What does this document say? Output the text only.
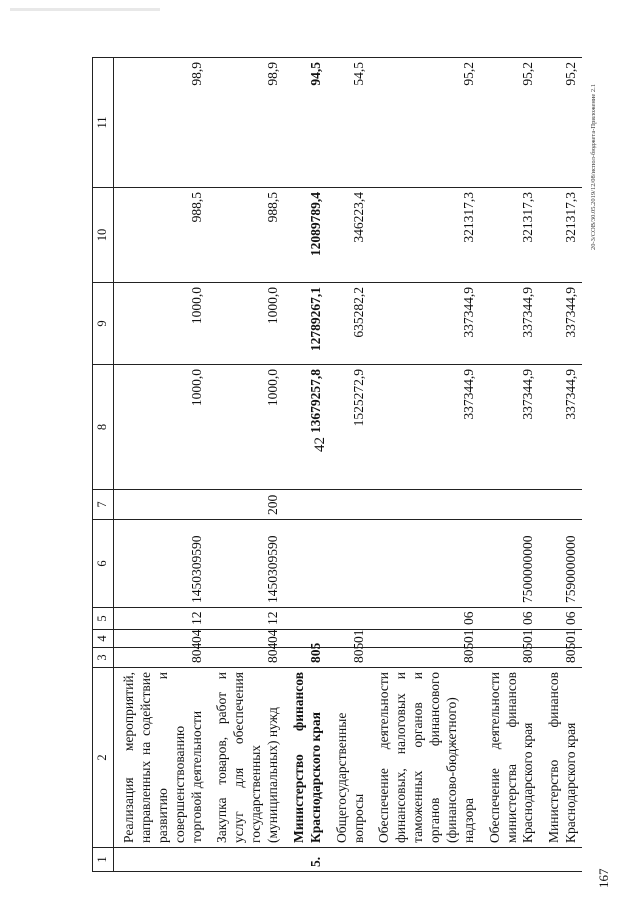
42
1	2	3	4	5	6	7	8	9	10	11
	Реализация мероприятий, направленных на содействие развитию и совершенствованию торговой деятельности	804	04	12	1450309590		1000,0	1000,0	988,5	98,9
	Закупка товаров, работ и услуг для обеспечения государственных (муниципальных) нужд	804	04	12	1450309590	200	1000,0	1000,0	988,5	98,9
5.	Министерство финансов Краснодарского края	805					13679257,8	12789267,1	12089789,4	94,5
	Общегосударственные вопросы	805	01				1525272,9	635282,2	346223,4	54,5
	Обеспечение деятельности финансовых, налоговых и таможенных органов и органов финансового (финансово-бюджетного) надзора	805	01	06			337344,9	337344,9	321317,3	95,2
	Обеспечение деятельности министерства финансов Краснодарского края	805	01	06	7500000000		337344,9	337344,9	321317,3	95,2
	Министерство финансов Краснодарского края	805	01	06	7590000000		337344,9	337344,9	321317,3	95,2
20-3/СОВ/30.05.2019/12/08/испол-бюджета-Приложение 2.1
167
